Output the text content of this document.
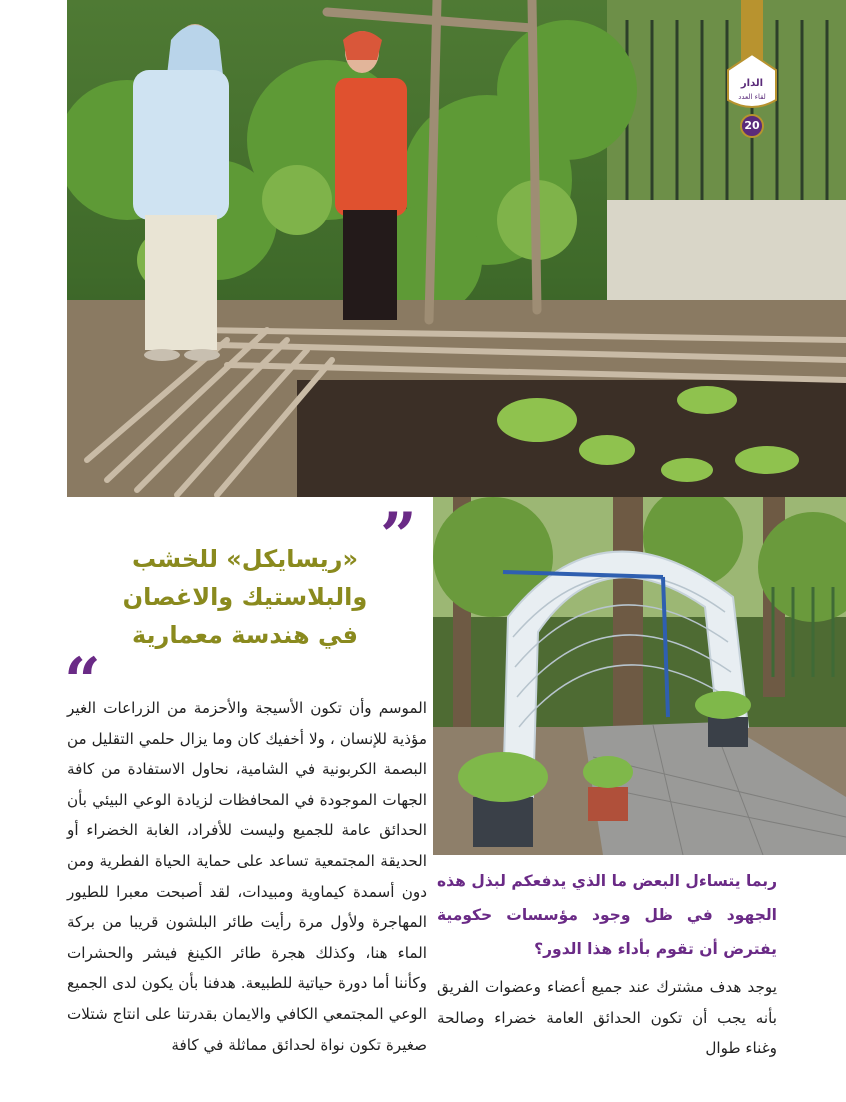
الدار
لقاء العدد
20
”
«ريسايكل» للخشب
والبلاستيك والاغصان
في هندسة معمارية
“
الموسم وأن تكون الأسيجة والأحزمة من الزراعات الغير مؤذية للإنسان ، ولا أخفيك كان وما يزال حلمي التقليل من البصمة الكربونية في الشامية، نحاول الاستفادة من كافة الجهات الموجودة في المحافظات لزيادة الوعي البيئي بأن الحدائق عامة للجميع وليست للأفراد، الغابة الخضراء أو الحديقة المجتمعية تساعد على حماية الحياة الفطرية ومن دون أسمدة كيماوية ومبيدات، لقد أصبحت معبرا للطيور المهاجرة ولأول مرة رأيت طائر البلشون قريبا من بركة الماء هنا، وكذلك هجرة طائر الكينغ فيشر والحشرات وكأننا أما دورة حياتية للطبيعة. هدفنا بأن يكون لدى الجميع الوعي المجتمعي الكافي والايمان بقدرتنا على انتاج شتلات صغيرة تكون نواة لحدائق مماثلة في كافة
ربما يتساءل البعض ما الذي يدفعكم لبذل هذه الجهود في ظل وجود مؤسسات حكومية يفترض أن تقوم بأداء هذا الدور؟
يوجد هدف مشترك عند جميع أعضاء وعضوات الفريق بأنه يجب أن تكون الحدائق العامة خضراء وصالحة وغناء طوال
